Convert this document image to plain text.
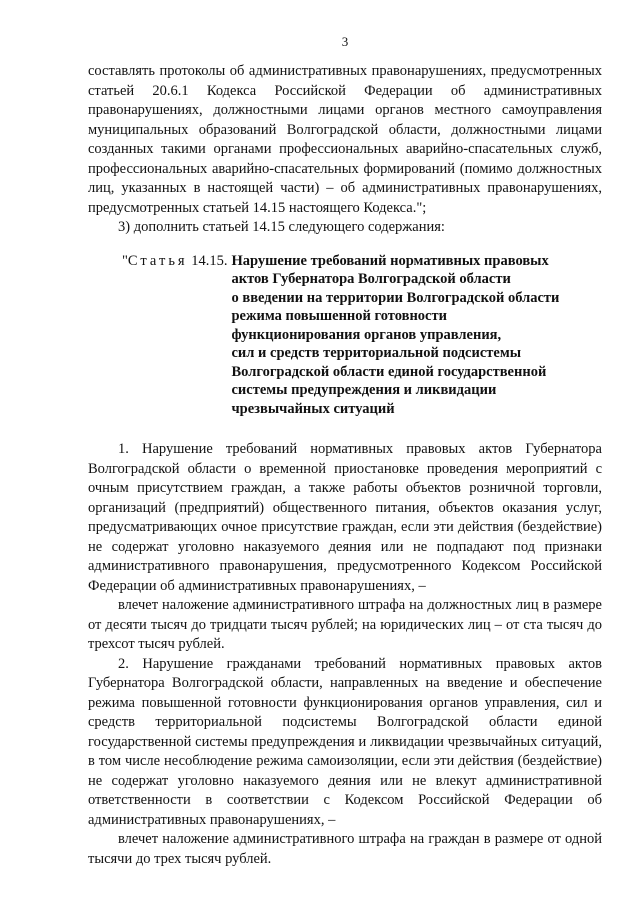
3

составлять протоколы об административных правонарушениях, предусмотренных статьей 20.6.1 Кодекса Российской Федерации об административных правонарушениях, должностными лицами органов местного самоуправления муниципальных образований Волгоградской области, должностными лицами созданных такими органами профессиональных аварийно-спасательных служб, профессиональных аварийно-спасательных формирований (помимо должностных лиц, указанных в настоящей части) – об административных правонарушениях, предусмотренных статьей 14.15 настоящего Кодекса.";

3) дополнить статьей 14.15 следующего содержания:

"Статья 14.15. Нарушение требований нормативных правовых
актов Губернатора Волгоградской области
о введении на территории Волгоградской области
режима повышенной готовности
функционирования органов управления,
сил и средств территориальной подсистемы
Волгоградской области единой государственной
системы предупреждения и ликвидации
чрезвычайных ситуаций

1. Нарушение требований нормативных правовых актов Губернатора Волгоградской области о временной приостановке проведения мероприятий с очным присутствием граждан, а также работы объектов розничной торговли, организаций (предприятий) общественного питания, объектов оказания услуг, предусматривающих очное присутствие граждан, если эти действия (бездействие) не содержат уголовно наказуемого деяния или не подпадают под признаки административного правонарушения, предусмотренного Кодексом Российской Федерации об административных правонарушениях, –

влечет наложение административного штрафа на должностных лиц в размере от десяти тысяч до тридцати тысяч рублей; на юридических лиц – от ста тысяч до трехсот тысяч рублей.

2. Нарушение гражданами требований нормативных правовых актов Губернатора Волгоградской области, направленных на введение и обеспечение режима повышенной готовности функционирования органов управления, сил и средств территориальной подсистемы Волгоградской области единой государственной системы предупреждения и ликвидации чрезвычайных ситуаций, в том числе несоблюдение режима самоизоляции, если эти действия (бездействие) не содержат уголовно наказуемого деяния или не влекут административной ответственности в соответствии с Кодексом Российской Федерации об административных правонарушениях, –

влечет наложение административного штрафа на граждан в размере от одной тысячи до трех тысяч рублей.
